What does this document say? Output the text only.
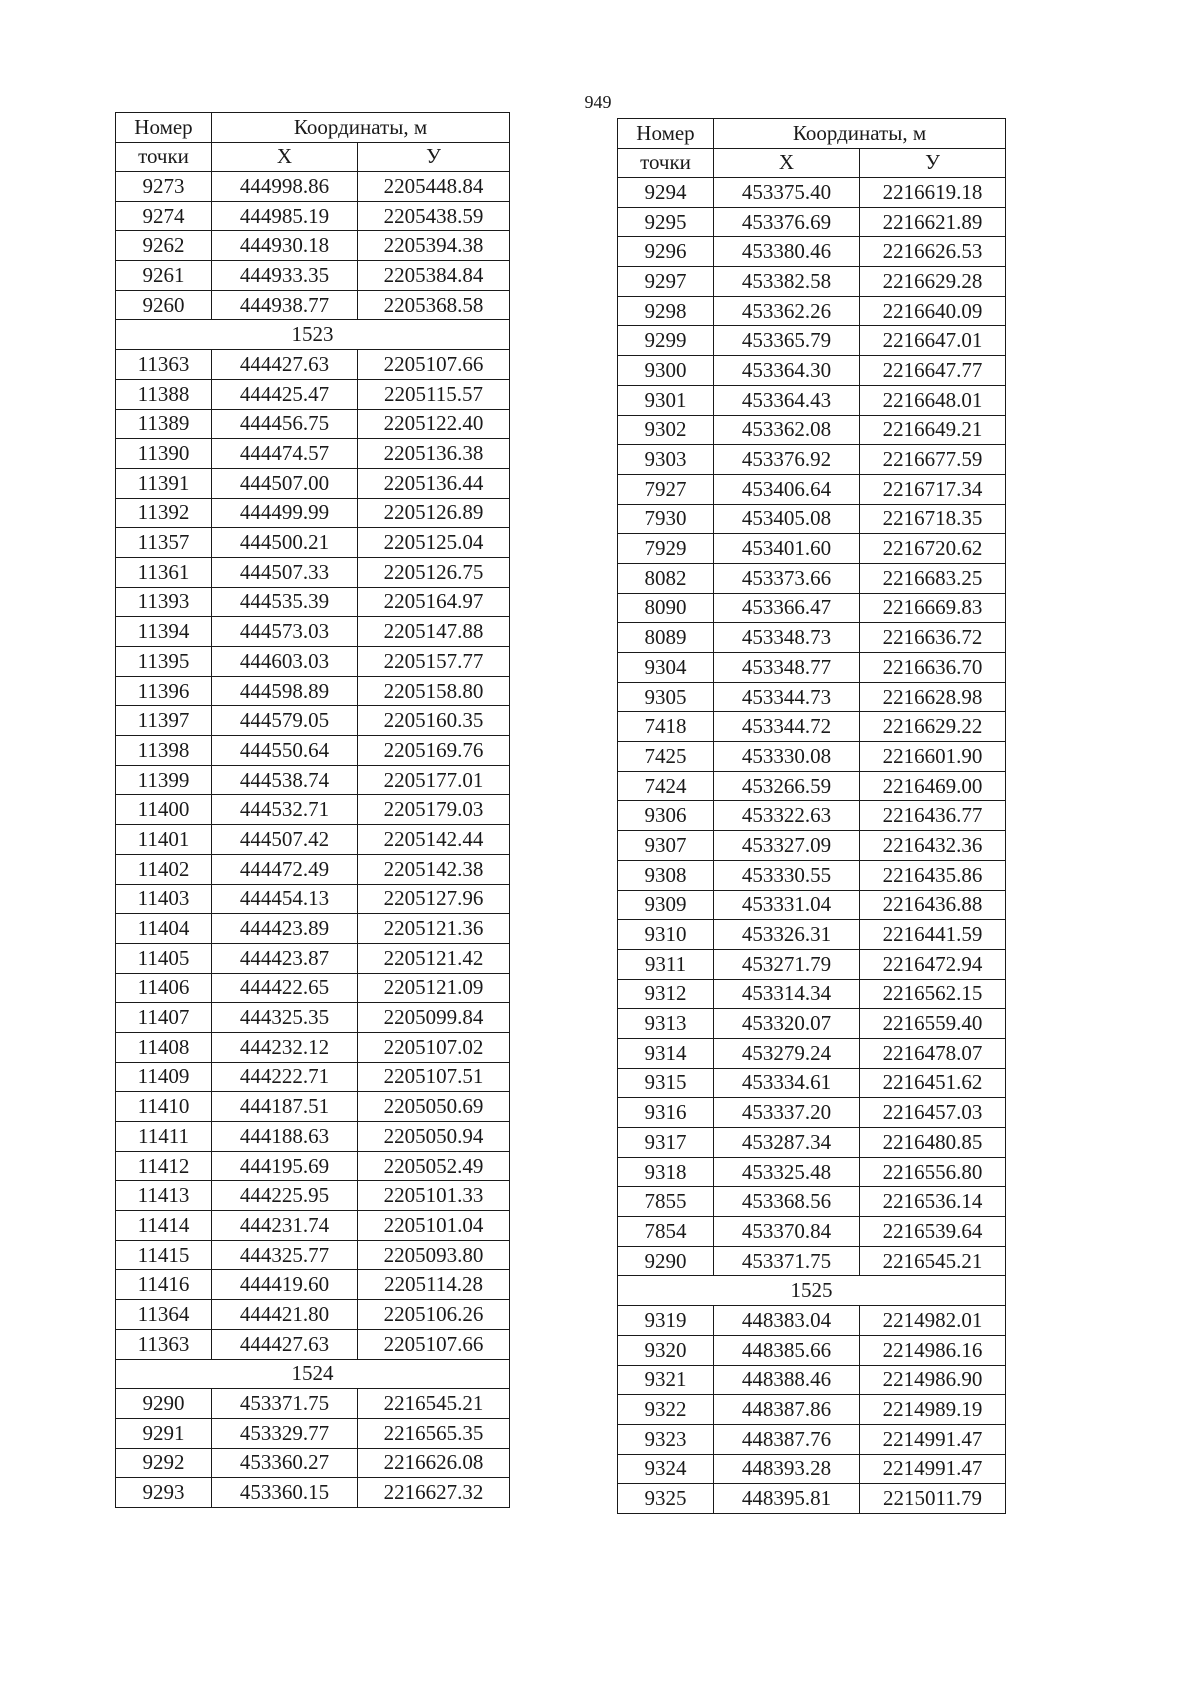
949
Номер	Координаты, м	
точки	X	У
9273	444998.86	2205448.84
9274	444985.19	2205438.59
9262	444930.18	2205394.38
9261	444933.35	2205384.84
9260	444938.77	2205368.58
1523		
11363	444427.63	2205107.66
11388	444425.47	2205115.57
11389	444456.75	2205122.40
11390	444474.57	2205136.38
11391	444507.00	2205136.44
11392	444499.99	2205126.89
11357	444500.21	2205125.04
11361	444507.33	2205126.75
11393	444535.39	2205164.97
11394	444573.03	2205147.88
11395	444603.03	2205157.77
11396	444598.89	2205158.80
11397	444579.05	2205160.35
11398	444550.64	2205169.76
11399	444538.74	2205177.01
11400	444532.71	2205179.03
11401	444507.42	2205142.44
11402	444472.49	2205142.38
11403	444454.13	2205127.96
11404	444423.89	2205121.36
11405	444423.87	2205121.42
11406	444422.65	2205121.09
11407	444325.35	2205099.84
11408	444232.12	2205107.02
11409	444222.71	2205107.51
11410	444187.51	2205050.69
11411	444188.63	2205050.94
11412	444195.69	2205052.49
11413	444225.95	2205101.33
11414	444231.74	2205101.04
11415	444325.77	2205093.80
11416	444419.60	2205114.28
11364	444421.80	2205106.26
11363	444427.63	2205107.66
1524		
9290	453371.75	2216545.21
9291	453329.77	2216565.35
9292	453360.27	2216626.08
9293	453360.15	2216627.32
Номер	Координаты, м	
точки	X	У
9294	453375.40	2216619.18
9295	453376.69	2216621.89
9296	453380.46	2216626.53
9297	453382.58	2216629.28
9298	453362.26	2216640.09
9299	453365.79	2216647.01
9300	453364.30	2216647.77
9301	453364.43	2216648.01
9302	453362.08	2216649.21
9303	453376.92	2216677.59
7927	453406.64	2216717.34
7930	453405.08	2216718.35
7929	453401.60	2216720.62
8082	453373.66	2216683.25
8090	453366.47	2216669.83
8089	453348.73	2216636.72
9304	453348.77	2216636.70
9305	453344.73	2216628.98
7418	453344.72	2216629.22
7425	453330.08	2216601.90
7424	453266.59	2216469.00
9306	453322.63	2216436.77
9307	453327.09	2216432.36
9308	453330.55	2216435.86
9309	453331.04	2216436.88
9310	453326.31	2216441.59
9311	453271.79	2216472.94
9312	453314.34	2216562.15
9313	453320.07	2216559.40
9314	453279.24	2216478.07
9315	453334.61	2216451.62
9316	453337.20	2216457.03
9317	453287.34	2216480.85
9318	453325.48	2216556.80
7855	453368.56	2216536.14
7854	453370.84	2216539.64
9290	453371.75	2216545.21
1525		
9319	448383.04	2214982.01
9320	448385.66	2214986.16
9321	448388.46	2214986.90
9322	448387.86	2214989.19
9323	448387.76	2214991.47
9324	448393.28	2214991.47
9325	448395.81	2215011.79
